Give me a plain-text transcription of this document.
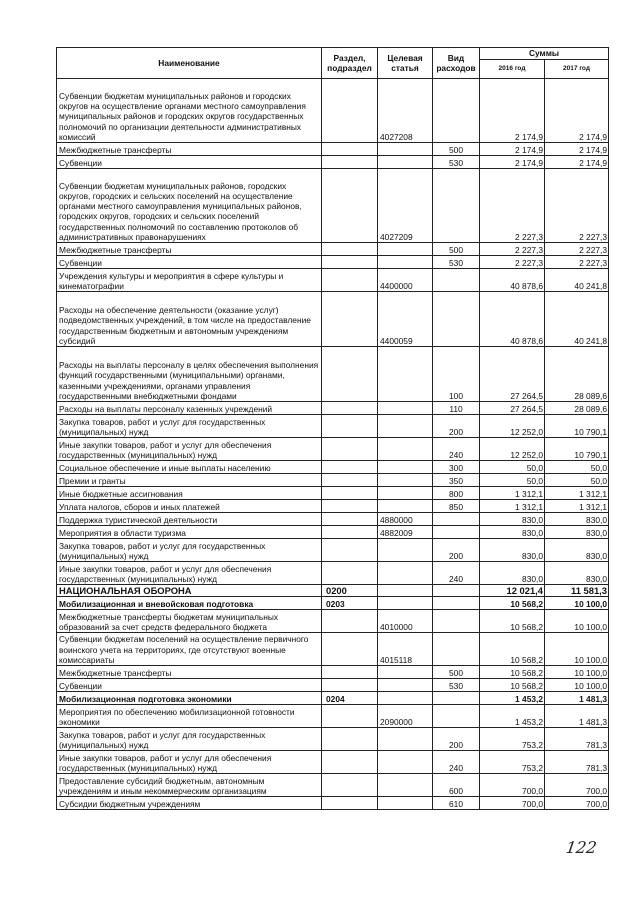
Наименование	Раздел, подраздел	Целевая статья	Вид расходов	Суммы	
				2016 год	2017 год
Субвенции бюджетам муниципальных районов и городских округов на осуществление органами местного самоуправления муниципальных районов и городских округов государственных полномочий по организации деятельности административных комиссий		4027208		2 174,9	2 174,9
Межбюджетные трансферты			500	2 174,9	2 174,9
Субвенции			530	2 174,9	2 174,9
Субвенции бюджетам муниципальных районов, городских округов, городских и сельских поселений на осуществление органами местного самоуправления муниципальных районов, городских округов, городских и сельских поселений государственных полномочий по составлению протоколов об административных правонарушениях		4027209		2 227,3	2 227,3
Межбюджетные трансферты			500	2 227,3	2 227,3
Субвенции			530	2 227,3	2 227,3
Учреждения культуры и мероприятия в сфере культуры и кинематографии		4400000		40 878,6	40 241,8
Расходы на обеспечение деятельности (оказание услуг) подведомственных учреждений, в том числе на предоставление государственным бюджетным и автономным учреждениям субсидий		4400059		40 878,6	40 241,8
Расходы на выплаты персоналу в целях обеспечения выполнения функций государственными (муниципальными) органами, казенными учреждениями, органами управления государственными внебюджетными фондами			100	27 264,5	28 089,6
Расходы на выплаты персоналу казенных учреждений			110	27 264,5	28 089,6
Закупка товаров, работ и услуг для государственных (муниципальных) нужд			200	12 252,0	10 790,1
Иные закупки товаров, работ и услуг для обеспечения государственных (муниципальных) нужд			240	12 252,0	10 790,1
Социальное обеспечение и иные выплаты населению			300	50,0	50,0
Премии и гранты			350	50,0	50,0
Иные бюджетные ассигнования			800	1 312,1	1 312,1
Уплата налогов, сборов и иных платежей			850	1 312,1	1 312,1
Поддержка туристической деятельности		4880000		830,0	830,0
Мероприятия в области туризма		4882009		830,0	830,0
Закупка товаров, работ и услуг для государственных (муниципальных) нужд			200	830,0	830,0
Иные закупки товаров, работ и услуг для обеспечения государственных (муниципальных) нужд			240	830,0	830,0
НАЦИОНАЛЬНАЯ ОБОРОНА	0200			12 021,4	11 581,3
Мобилизационная и вневойсковая подготовка	0203			10 568,2	10 100,0
Межбюджетные трансферты бюджетам муниципальных образований за счет средств федерального бюджета		4010000		10 568,2	10 100,0
Субвенции бюджетам поселений на осуществление первичного воинского учета на территориях, где отсутствуют военные комиссариаты		4015118		10 568,2	10 100,0
Межбюджетные трансферты			500	10 568,2	10 100,0
Субвенции			530	10 568,2	10 100,0
Мобилизационная подготовка экономики	0204			1 453,2	1 481,3
Мероприятия по обеспечению мобилизационной готовности экономики		2090000		1 453,2	1 481,3
Закупка товаров, работ и услуг для государственных (муниципальных) нужд			200	753,2	781,3
Иные закупки товаров, работ и услуг для обеспечения государственных (муниципальных) нужд			240	753,2	781,3
Предоставление субсидий бюджетным, автономным учреждениям и иным некоммерческим организациям			600	700,0	700,0
Субсидии бюджетным учреждениям			610	700,0	700,0
122
